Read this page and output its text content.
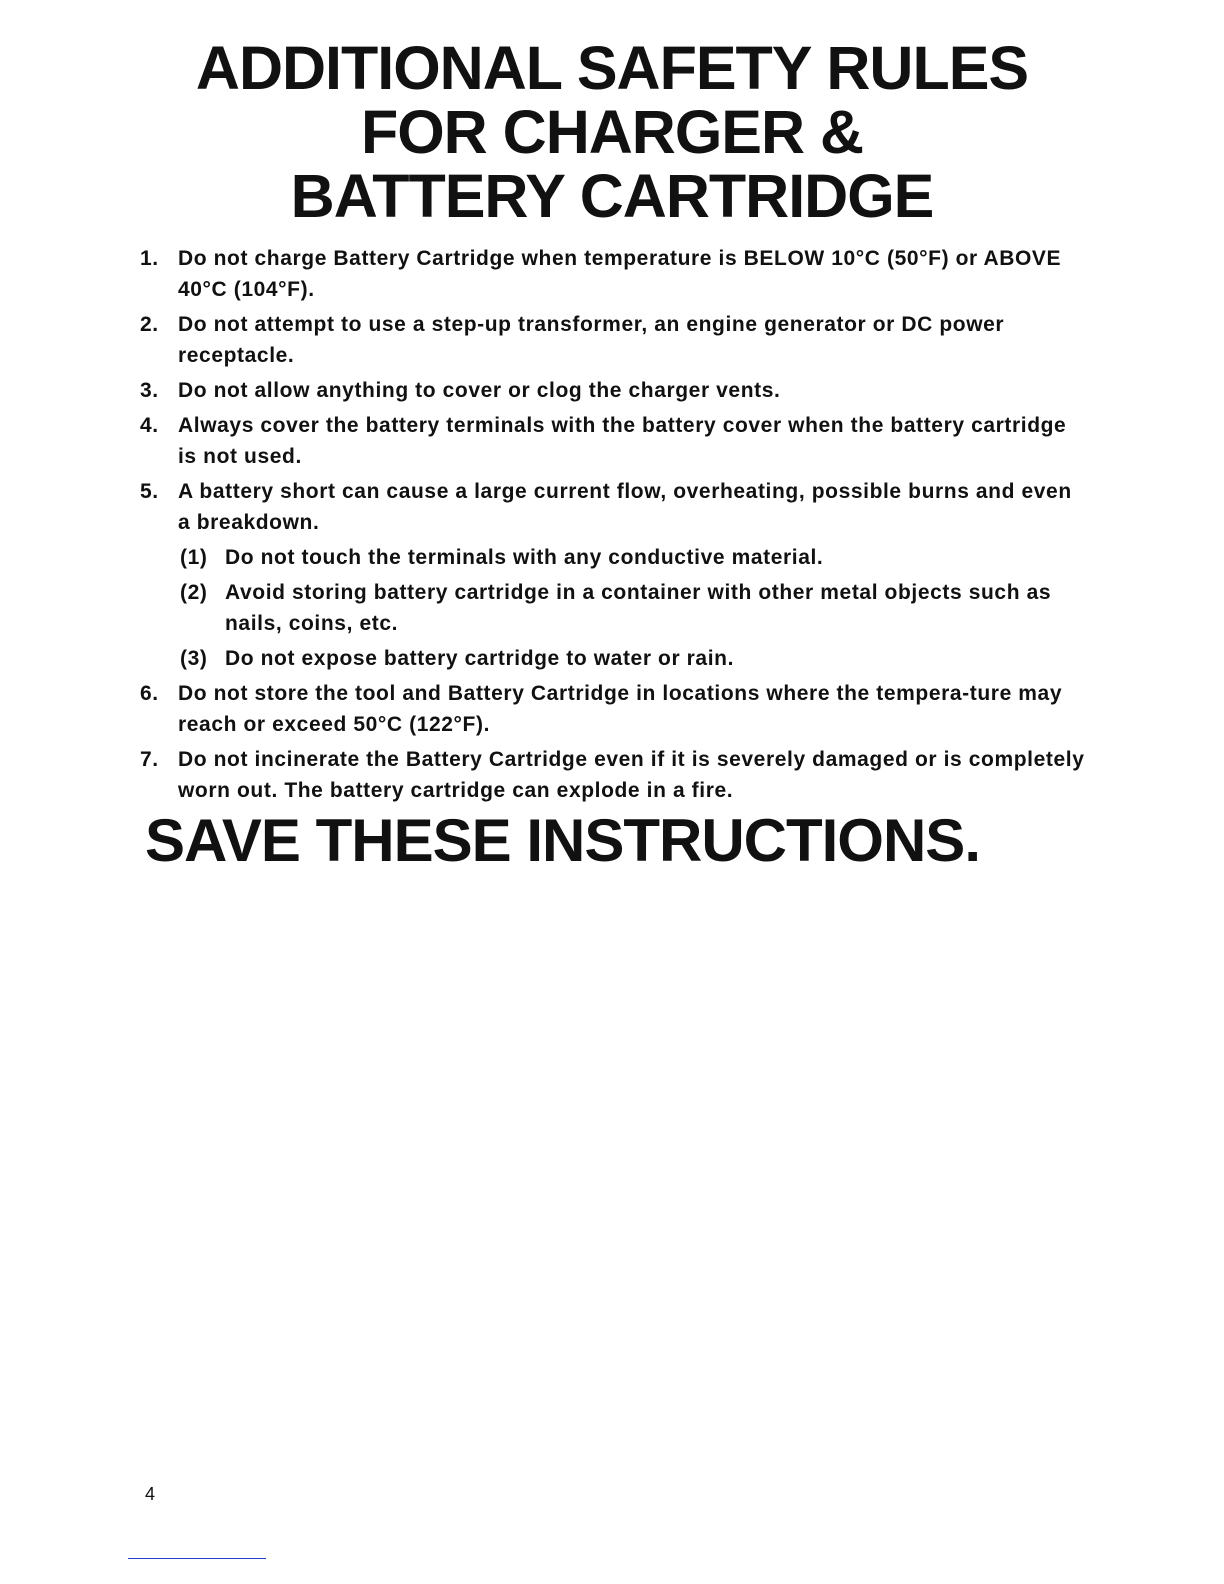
ADDITIONAL SAFETY RULES
FOR CHARGER &
BATTERY CARTRIDGE
1. Do not charge Battery Cartridge when temperature is BELOW 10°C (50°F) or ABOVE 40°C (104°F).
2. Do not attempt to use a step-up transformer, an engine generator or DC power receptacle.
3. Do not allow anything to cover or clog the charger vents.
4. Always cover the battery terminals with the battery cover when the battery cartridge is not used.
5. A battery short can cause a large current flow, overheating, possible burns and even a breakdown.
(1) Do not touch the terminals with any conductive material.
(2) Avoid storing battery cartridge in a container with other metal objects such as nails, coins, etc.
(3) Do not expose battery cartridge to water or rain.
6. Do not store the tool and Battery Cartridge in locations where the tempera-ture may reach or exceed 50°C (122°F).
7. Do not incinerate the Battery Cartridge even if it is severely damaged or is completely worn out. The battery cartridge can explode in a fire.
SAVE THESE INSTRUCTIONS.
4
